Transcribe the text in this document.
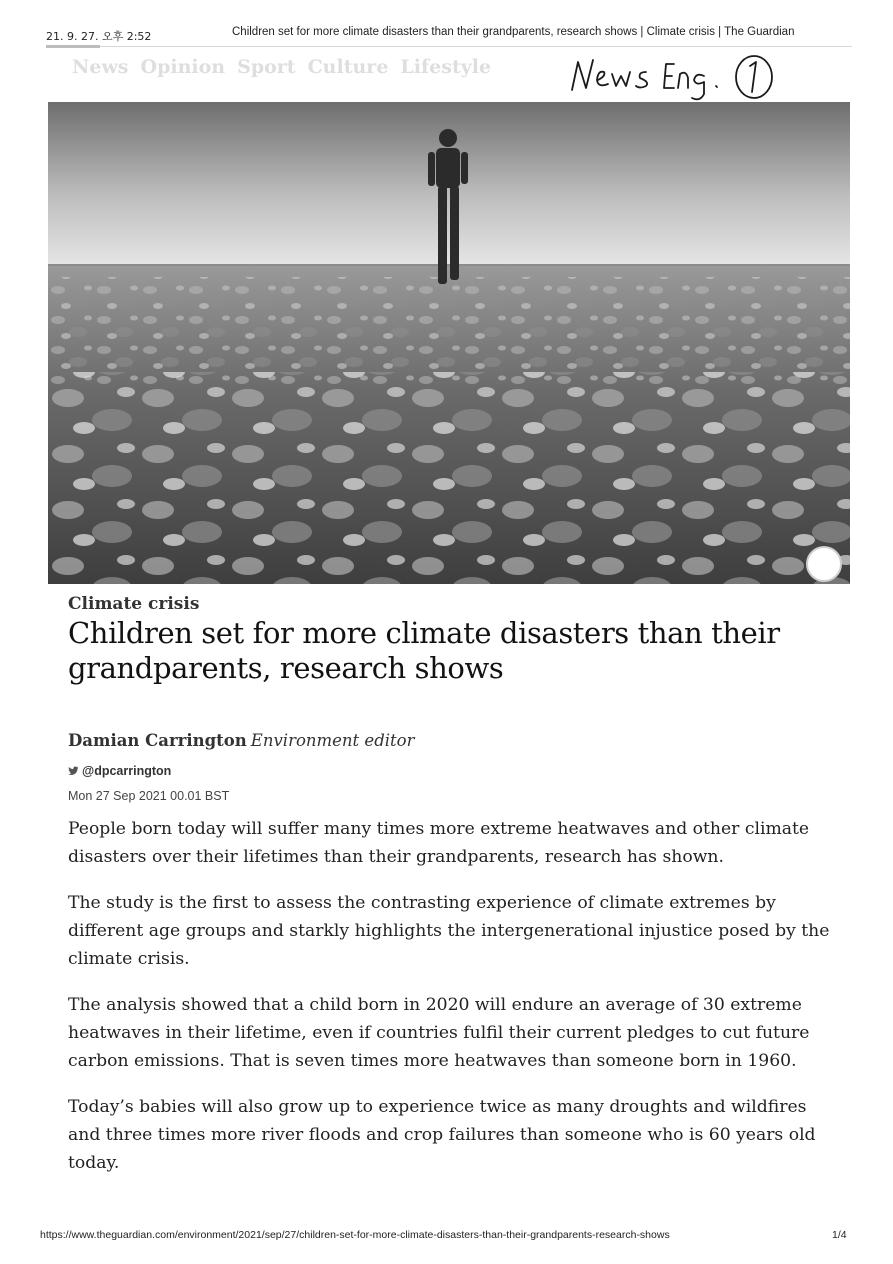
21. 9. 27. 오후 2:52	Children set for more climate disasters than their grandparents, research shows | Climate crisis | The Guardian
News Opinion Sport Culture Lifestyle
Climate crisis
Children set for more climate disasters than their grandparents, research shows
Damian Carrington Environment editor
@dpcarrington
Mon 27 Sep 2021 00.01 BST

People born today will suffer many times more extreme heatwaves and other climate disasters over their lifetimes than their grandparents, research has shown.

The study is the first to assess the contrasting experience of climate extremes by different age groups and starkly highlights the intergenerational injustice posed by the climate crisis.

The analysis showed that a child born in 2020 will endure an average of 30 extreme heatwaves in their lifetime, even if countries fulfil their current pledges to cut future carbon emissions. That is seven times more heatwaves than someone born in 1960.

Today’s babies will also grow up to experience twice as many droughts and wildfires and three times more river floods and crop failures than someone who is 60 years old today.

https://www.theguardian.com/environment/2021/sep/27/children-set-for-more-climate-disasters-than-their-grandparents-research-shows	1/4
